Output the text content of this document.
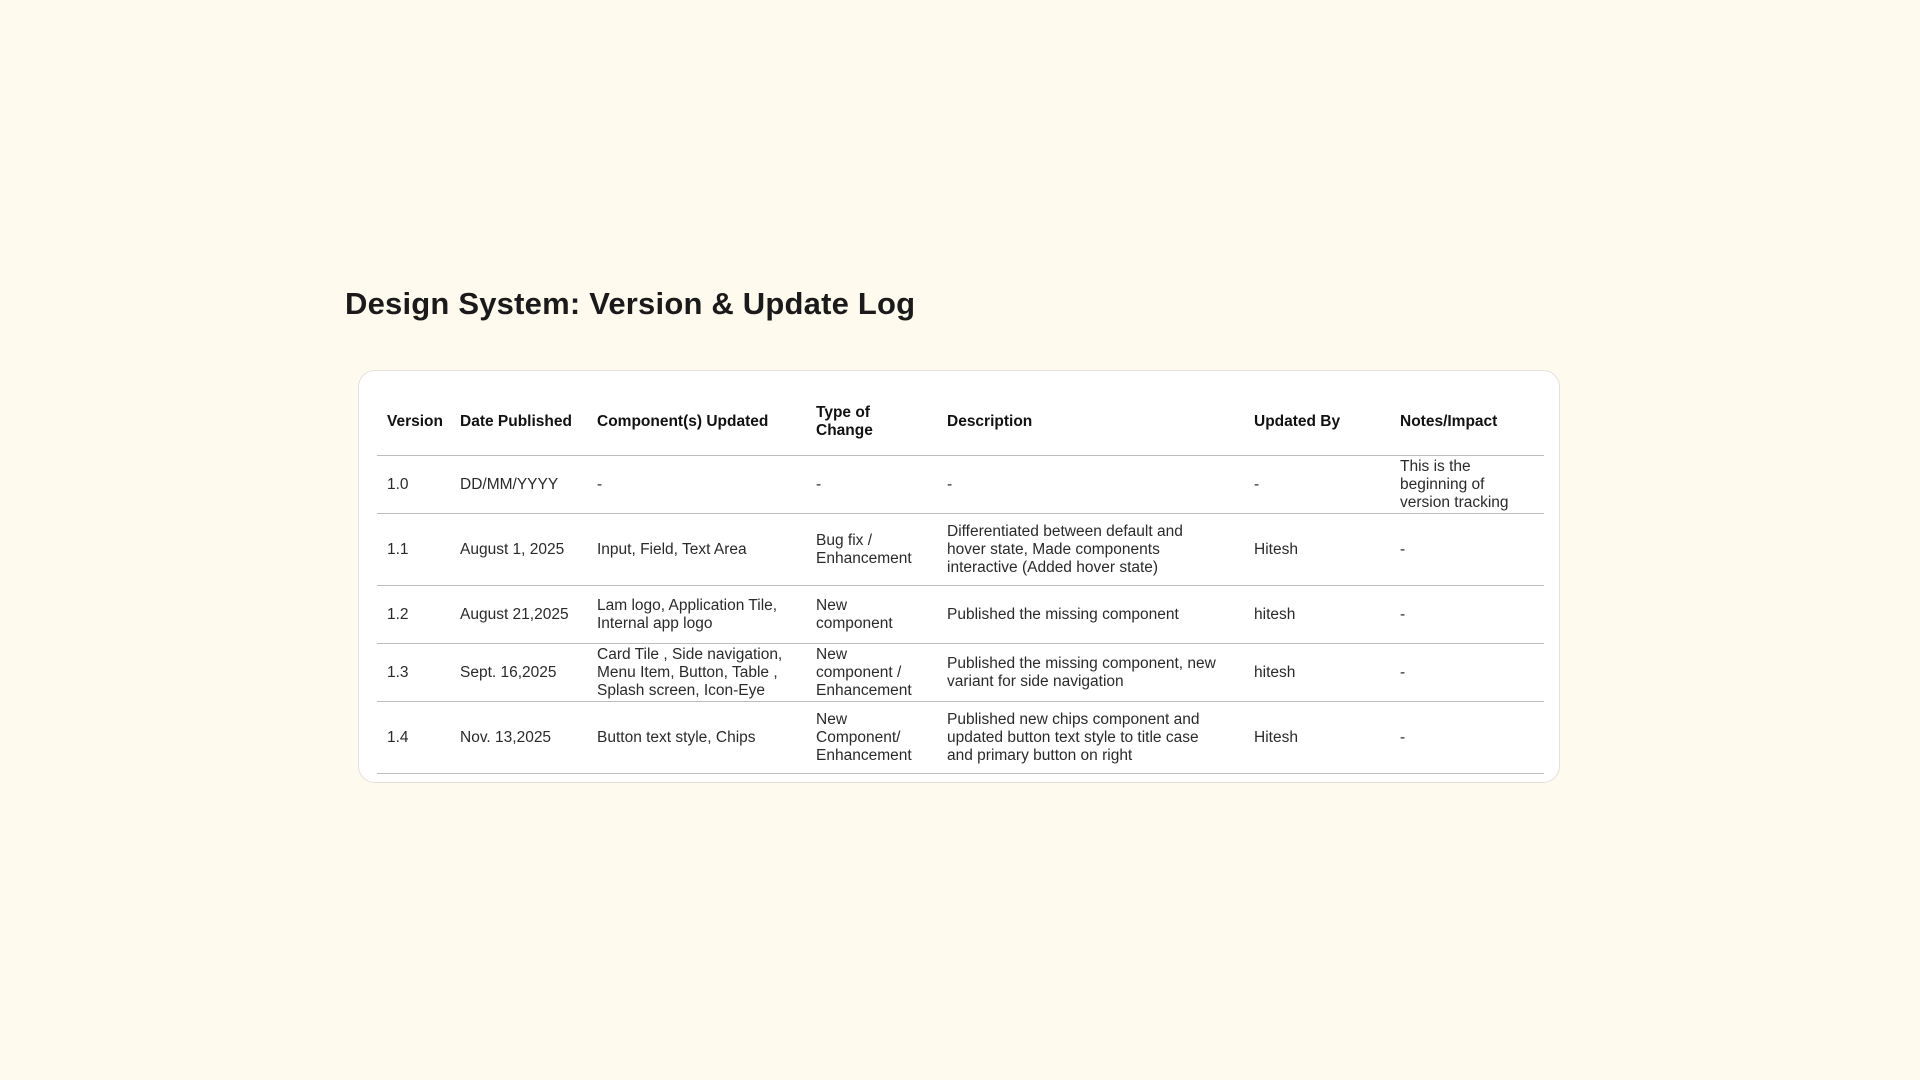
Design System: Version & Update Log
Version	Date Published	Component(s) Updated	Type of Change	Description	Updated By	Notes/Impact
1.0	DD/MM/YYYY	-	-	-	-	This is the beginning of version tracking
1.1	August 1, 2025	Input, Field, Text Area	Bug fix / Enhancement	Differentiated between default and hover state, Made components interactive (Added hover state)	Hitesh	-
1.2	August 21,2025	Lam logo, Application Tile, Internal app logo	New component	Published the missing component	hitesh	-
1.3	Sept. 16,2025	Card Tile , Side navigation, Menu Item, Button, Table , Splash screen, Icon-Eye	New component / Enhancement	Published the missing component, new variant for side navigation	hitesh	-
1.4	Nov. 13,2025	Button text style, Chips	New Component/ Enhancement	Published new chips component and updated button text style to title case and primary button on right	Hitesh	-
